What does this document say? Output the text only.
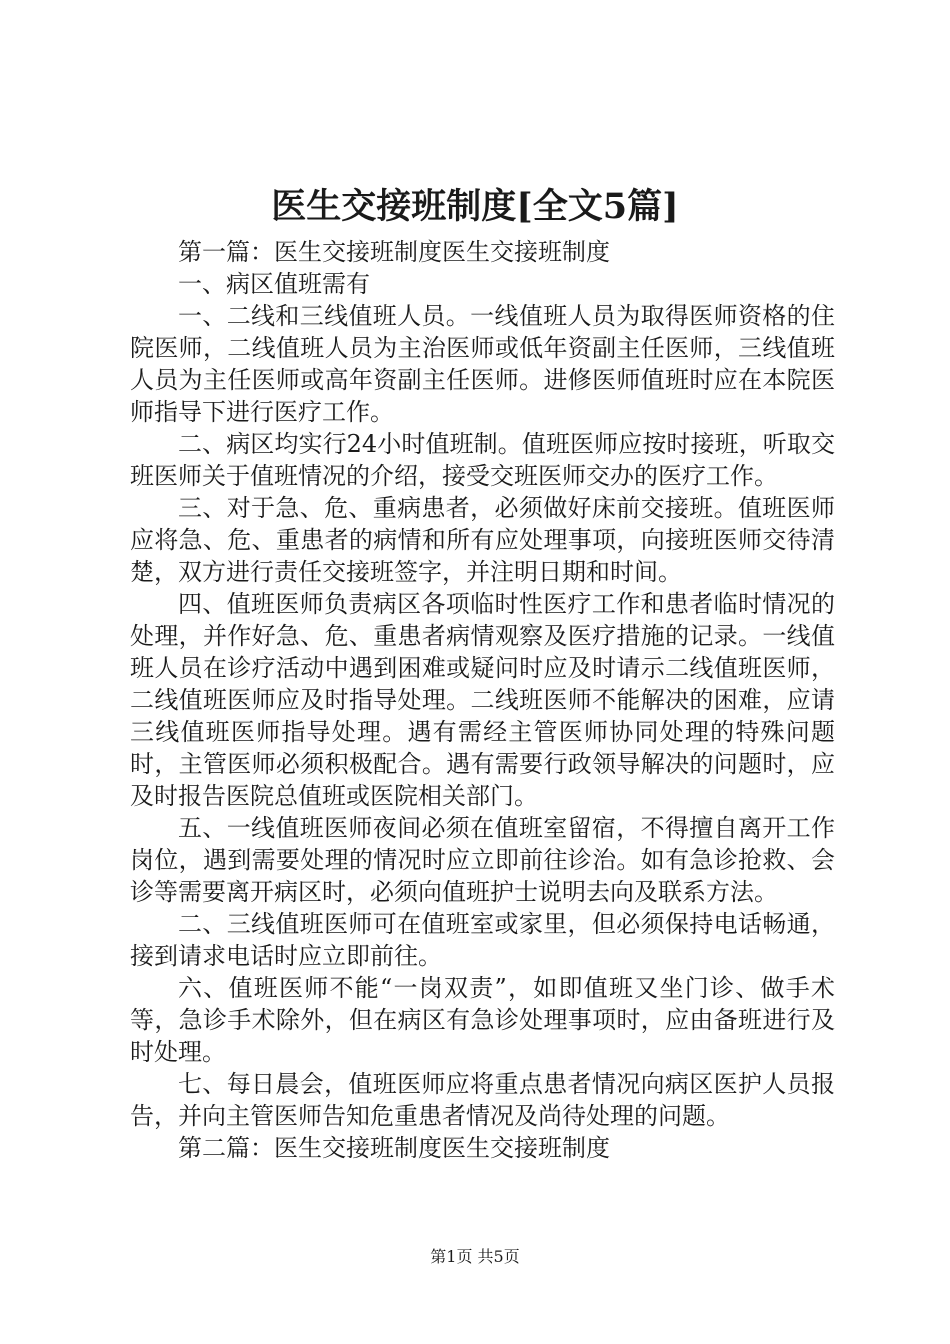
医生交接班制度[全文5篇]

第一篇：医生交接班制度医生交接班制度

一、病区值班需有

一、二线和三线值班人员。一线值班人员为取得医师资格的住院医师，二线值班人员为主治医师或低年资副主任医师，三线值班人员为主任医师或高年资副主任医师。进修医师值班时应在本院医师指导下进行医疗工作。

二、病区均实行24小时值班制。值班医师应按时接班，听取交班医师关于值班情况的介绍，接受交班医师交办的医疗工作。

三、对于急、危、重病患者，必须做好床前交接班。值班医师应将急、危、重患者的病情和所有应处理事项，向接班医师交待清楚，双方进行责任交接班签字，并注明日期和时间。

四、值班医师负责病区各项临时性医疗工作和患者临时情况的处理，并作好急、危、重患者病情观察及医疗措施的记录。一线值班人员在诊疗活动中遇到困难或疑问时应及时请示二线值班医师，二线值班医师应及时指导处理。二线班医师不能解决的困难，应请三线值班医师指导处理。遇有需经主管医师协同处理的特殊问题时，主管医师必须积极配合。遇有需要行政领导解决的问题时，应及时报告医院总值班或医院相关部门。

五、一线值班医师夜间必须在值班室留宿，不得擅自离开工作岗位，遇到需要处理的情况时应立即前往诊治。如有急诊抢救、会诊等需要离开病区时，必须向值班护士说明去向及联系方法。

二、三线值班医师可在值班室或家里，但必须保持电话畅通，接到请求电话时应立即前往。

六、值班医师不能“一岗双责”，如即值班又坐门诊、做手术等，急诊手术除外，但在病区有急诊处理事项时，应由备班进行及时处理。

七、每日晨会，值班医师应将重点患者情况向病区医护人员报告，并向主管医师告知危重患者情况及尚待处理的问题。

第二篇：医生交接班制度医生交接班制度

第1页 共5页
